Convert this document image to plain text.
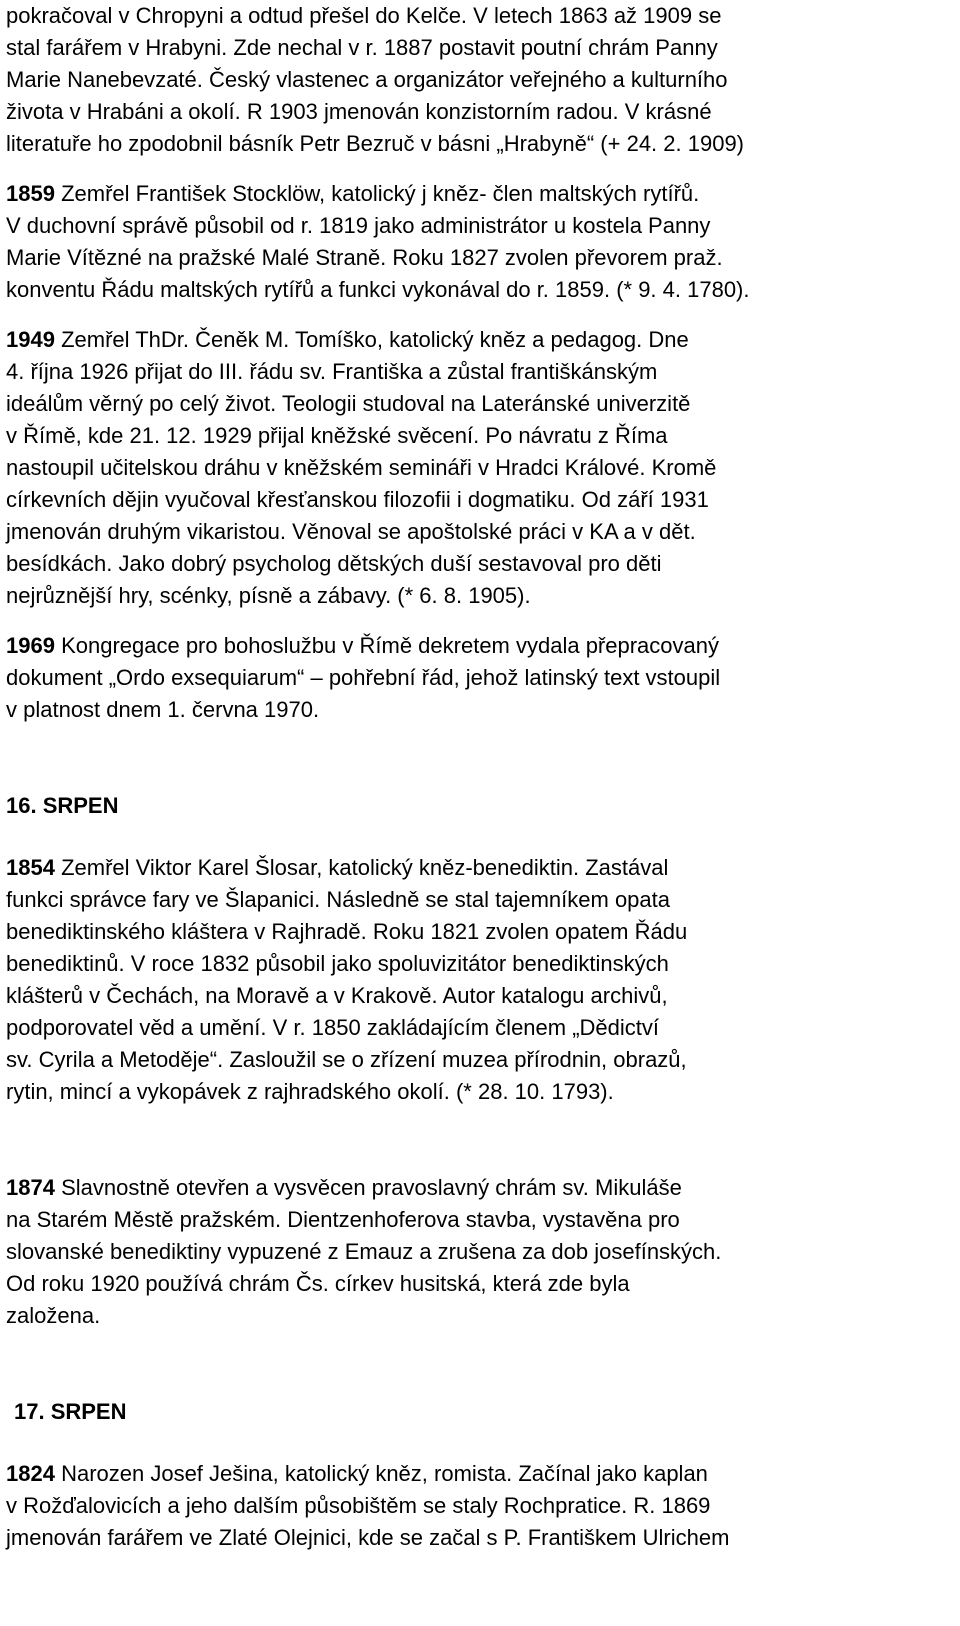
pokračoval v Chropyni a odtud přešel do Kelče. V letech 1863 až 1909 se
stal farářem v Hrabyni. Zde nechal v r. 1887 postavit poutní chrám Panny
Marie Nanebevzaté. Český vlastenec a organizátor veřejného a kulturního
života v Hrabáni a okolí. R 1903 jmenován konzistorním radou. V krásné
literatuře ho zpodobnil básník Petr Bezruč v básni „Hrabyně“ (+ 24. 2. 1909)
1859 Zemřel František Stocklöw, katolický j kněz- člen maltských rytířů.
V duchovní správě působil od r. 1819 jako administrátor u kostela Panny
Marie Vítězné na pražské Malé Straně. Roku 1827 zvolen převorem praž.
konventu Řádu maltských rytířů a funkci vykonával do r. 1859. (* 9. 4. 1780).
1949 Zemřel ThDr. Čeněk M. Tomíško, katolický kněz a pedagog. Dne
4. října 1926 přijat do III. řádu sv. Františka a zůstal františkánským
ideálům věrný po celý život. Teologii studoval na Lateránské univerzitě
v Římě, kde 21. 12. 1929 přijal kněžské svěcení. Po návratu z Říma
nastoupil učitelskou dráhu v kněžském semináři v Hradci Králové. Kromě
církevních dějin vyučoval křesťanskou filozofii i dogmatiku. Od září 1931
jmenován druhým vikaristou. Věnoval se apoštolské práci v KA a v dět.
besídkách. Jako dobrý psycholog dětských duší sestavoval pro děti
nejrůznější hry, scénky, písně a zábavy. (* 6. 8. 1905).
1969 Kongregace pro bohoslužbu v Římě dekretem vydala přepracovaný
dokument „Ordo exsequiarum“ – pohřební řád, jehož latinský text vstoupil
v platnost dnem 1. června 1970.
16. SRPEN
1854 Zemřel Viktor Karel Šlosar, katolický kněz-benediktin. Zastával
funkci správce fary ve Šlapanici. Následně se stal tajemníkem opata
benediktinského kláštera v Rajhradě. Roku 1821 zvolen opatem Řádu
benediktinů. V roce 1832 působil jako spoluvizitátor benediktinských
klášterů v Čechách, na Moravě a v Krakově. Autor katalogu archivů,
podporovatel věd a umění. V r. 1850 zakládajícím členem „Dědictví
sv. Cyrila a Metoděje“. Zasloužil se o zřízení muzea přírodnin, obrazů,
rytin, mincí a vykopávek z rajhradského okolí. (* 28. 10. 1793).
1874 Slavnostně otevřen a vysvěcen pravoslavný chrám sv. Mikuláše
na Starém Městě pražském. Dientzenhoferova stavba, vystavěna pro
slovanské benediktiny vypuzené z Emauz a zrušena za dob josefínských.
Od roku 1920 používá chrám Čs. církev husitská, která zde byla
založena.
17. SRPEN
1824 Narozen Josef Ješina, katolický kněz, romista. Začínal jako kaplan
v Rožďalovicích a jeho dalším působištěm se staly Rochpratice. R. 1869
jmenován farářem ve Zlaté Olejnici, kde se začal s P. Františkem Ulrichem
